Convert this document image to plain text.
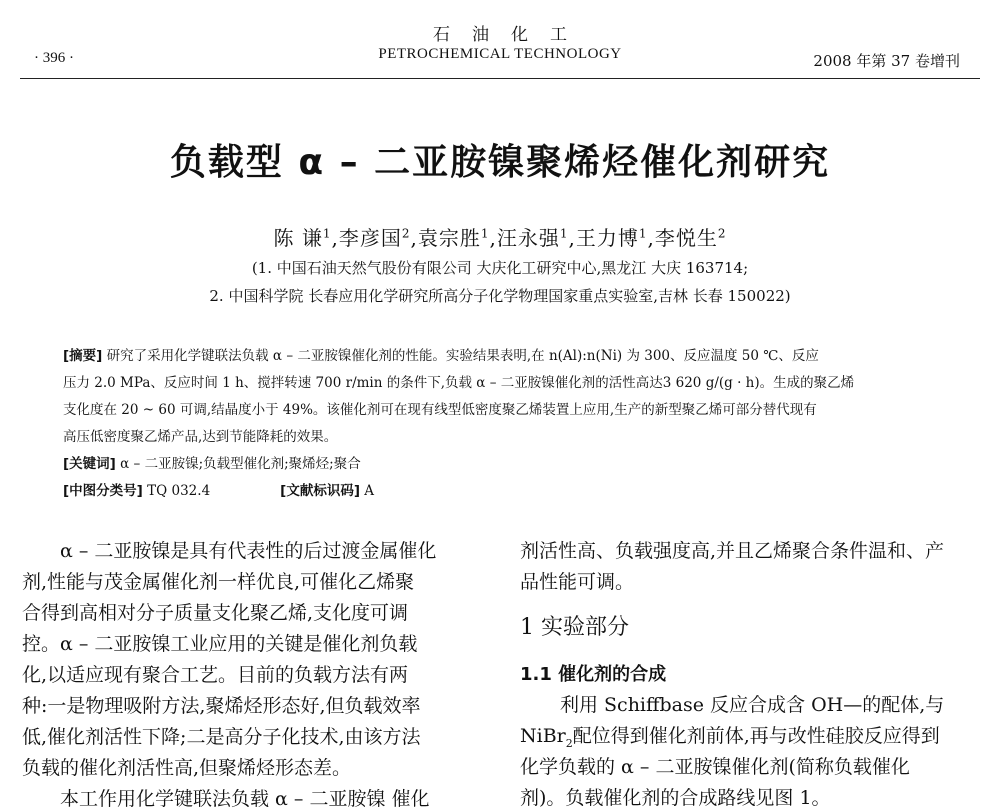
石油化工
PETROCHEMICAL TECHNOLOGY
· 396 ·	2008 年第 37 卷增刊
负载型 α – 二亚胺镍聚烯烃催化剂研究
陈 谦$^1$,李彦国$^2$,袁宗胜$^1$,汪永强$^1$,王力博$^1$,李悦生$^2$
(1. 中国石油天然气股份有限公司 大庆化工研究中心,黑龙江 大庆 163714;
2. 中国科学院 长春应用化学研究所高分子化学物理国家重点实验室,吉林 长春 150022)
[摘要] 研究了采用化学键联法负载 α – 二亚胺镍催化剂的性能。实验结果表明,在 n(Al):n(Ni) 为 300、反应温度 50 ℃、反应
压力 2.0 MPa、反应时间 1 h、搅拌转速 700 r/min 的条件下,负载 α – 二亚胺镍催化剂的活性高达3 620 g/(g · h)。生成的聚乙烯
支化度在 20 ~ 60 可调,结晶度小于 49%。该催化剂可在现有线型低密度聚乙烯装置上应用,生产的新型聚乙烯可部分替代现有
高压低密度聚乙烯产品,达到节能降耗的效果。
[关键词] α – 二亚胺镍;负载型催化剂;聚烯烃;聚合
[中图分类号] TQ 032.4	[文献标识码] A
α – 二亚胺镍是具有代表性的后过渡金属催化
剂,性能与茂金属催化剂一样优良,可催化乙烯聚
合得到高相对分子质量支化聚乙烯,支化度可调
控。α – 二亚胺镍工业应用的关键是催化剂负载
化,以适应现有聚合工艺。目前的负载方法有两
种:一是物理吸附方法,聚烯烃形态好,但负载效率
低,催化剂活性下降;二是高分子化技术,由该方法
负载的催化剂活性高,但聚烯烃形态差。
本工作用化学键联法负载 α – 二亚胺镍 催化
剂活性高、负载强度高,并且乙烯聚合条件温和、产
品性能可调。
1 实验部分
1.1 催化剂的合成
利用 Schiffbase 反应合成含 OH—的配体,与
NiBr$_2$配位得到催化剂前体,再与改性硅胶反应得到
化学负载的 α – 二亚胺镍催化剂(简称负载催化
剂)。负载催化剂的合成路线见图 1。
